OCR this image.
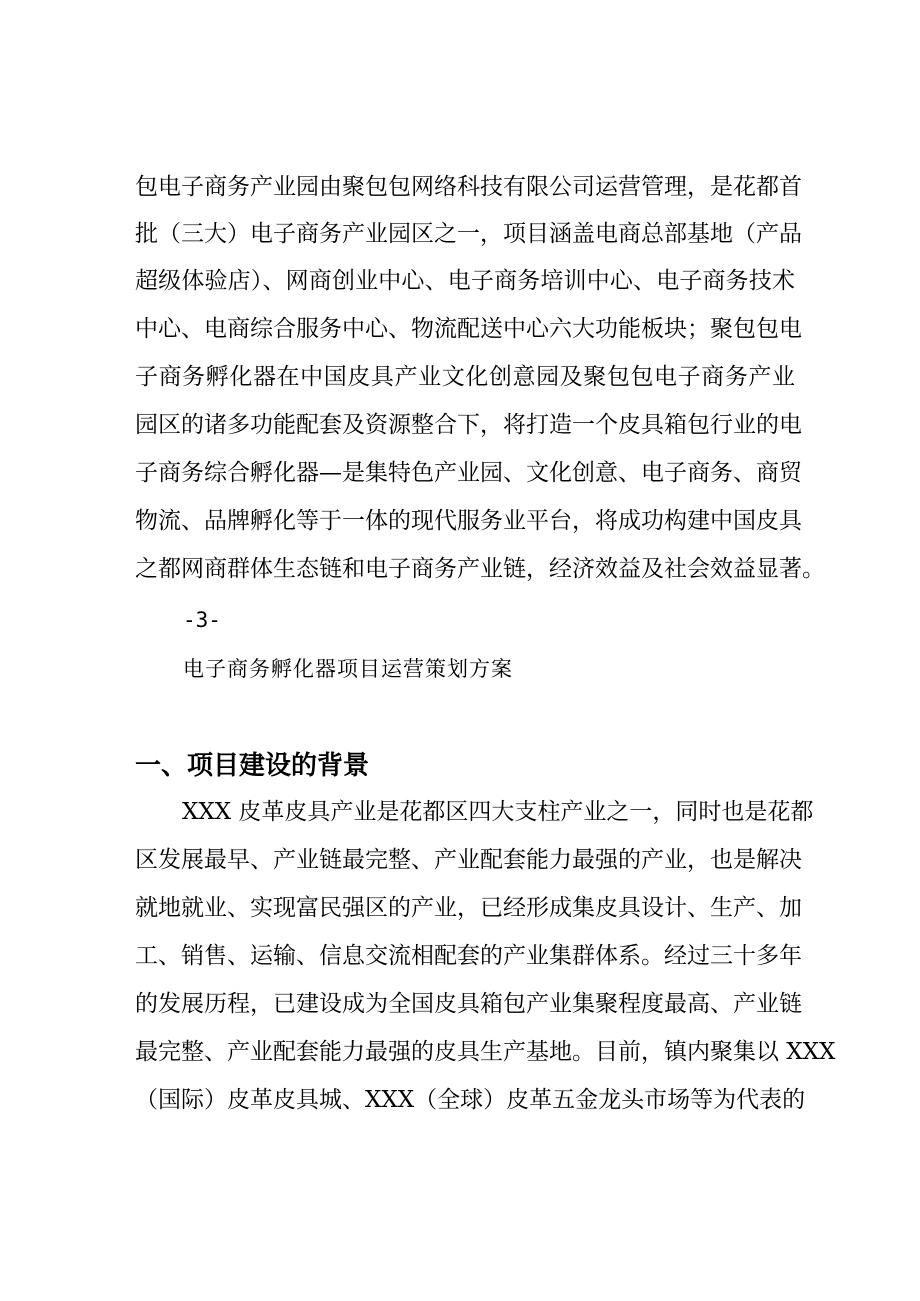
包电子商务产业园由聚包包网络科技有限公司运营管理，是花都首
批（三大）电子商务产业园区之一，项目涵盖电商总部基地（产品
超级体验店）、网商创业中心、电子商务培训中心、电子商务技术
中心、电商综合服务中心、物流配送中心六大功能板块；聚包包电
子商务孵化器在中国皮具产业文化创意园及聚包包电子商务产业
园区的诸多功能配套及资源整合下，将打造一个皮具箱包行业的电
子商务综合孵化器—是集特色产业园、文化创意、电子商务、商贸
物流、品牌孵化等于一体的现代服务业平台，将成功构建中国皮具
之都网商群体生态链和电子商务产业链，经济效益及社会效益显著。
-3-
电子商务孵化器项目运营策划方案
一、项目建设的背景
XXX 皮革皮具产业是花都区四大支柱产业之一，同时也是花都
区发展最早、产业链最完整、产业配套能力最强的产业，也是解决
就地就业、实现富民强区的产业，已经形成集皮具设计、生产、加
工、销售、运输、信息交流相配套的产业集群体系。经过三十多年
的发展历程，已建设成为全国皮具箱包产业集聚程度最高、产业链
最完整、产业配套能力最强的皮具生产基地。目前，镇内聚集以 XXX
（国际）皮革皮具城、XXX（全球）皮革五金龙头市场等为代表的
